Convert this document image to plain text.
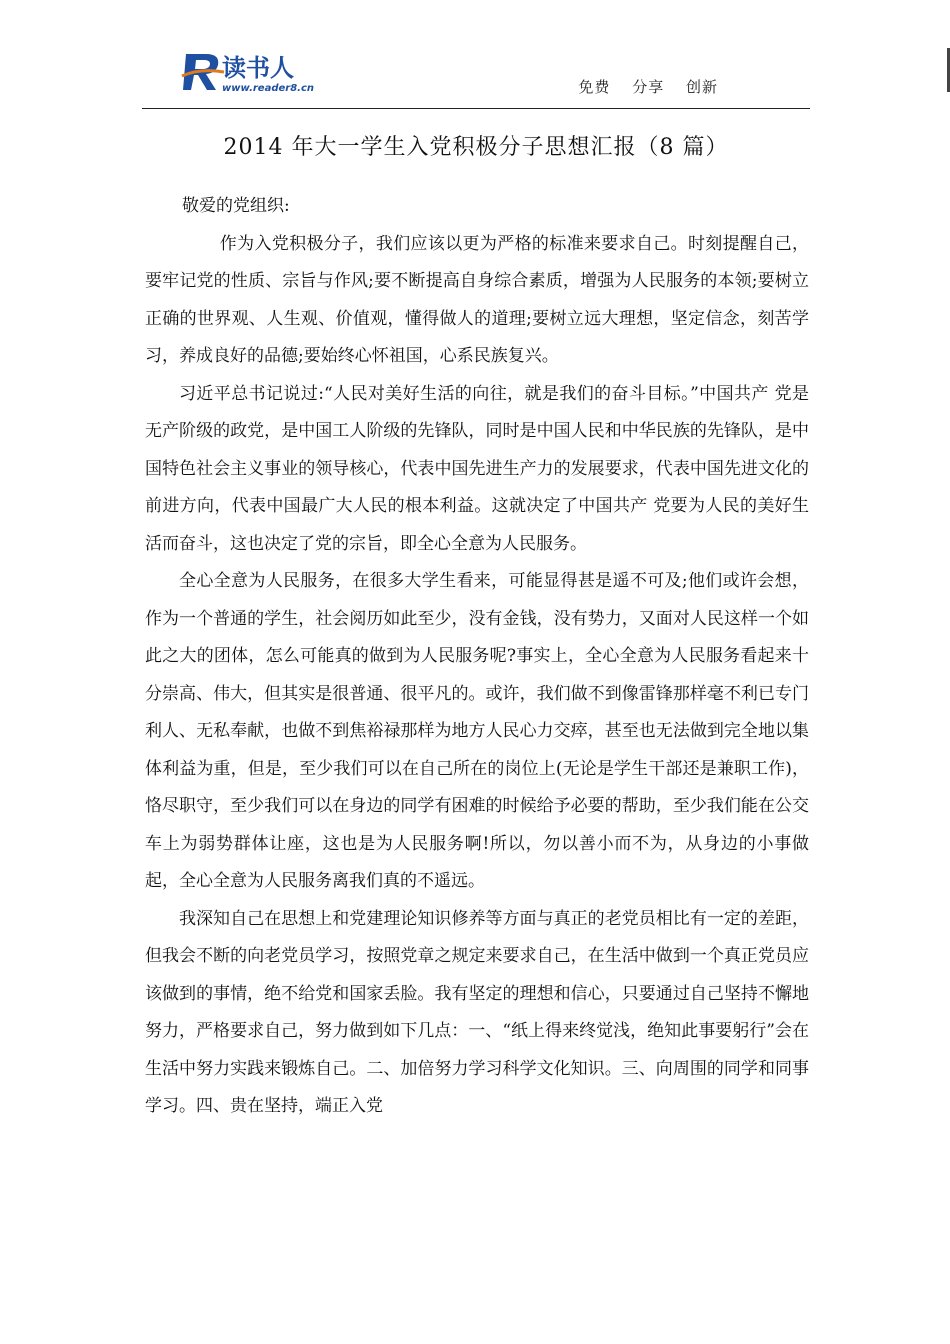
读书人
www.reader8.cn	免费 分享 创新
2014 年大一学生入党积极分子思想汇报（8 篇）

敬爱的党组织:

作为入党积极分子，我们应该以更为严格的标准来要求自己。时刻提醒自己，要牢记党的性质、宗旨与作风;要不断提高自身综合素质，增强为人民服务的本领;要树立正确的世界观、人生观、价值观，懂得做人的道理;要树立远大理想，坚定信念，刻苦学习，养成良好的品德;要始终心怀祖国，心系民族复兴。

习近平总书记说过:“人民对美好生活的向往，就是我们的奋斗目标。”中国共产 党是无产阶级的政党，是中国工人阶级的先锋队，同时是中国人民和中华民族的先锋队，是中国特色社会主义事业的领导核心，代表中国先进生产力的发展要求，代表中国先进文化的前进方向，代表中国最广大人民的根本利益。这就决定了中国共产 党要为人民的美好生活而奋斗，这也决定了党的宗旨，即全心全意为人民服务。

全心全意为人民服务，在很多大学生看来，可能显得甚是遥不可及;他们或许会想，作为一个普通的学生，社会阅历如此至少，没有金钱，没有势力，又面对人民这样一个如此之大的团体，怎么可能真的做到为人民服务呢?事实上，全心全意为人民服务看起来十分崇高、伟大，但其实是很普通、很平凡的。或许，我们做不到像雷锋那样毫不利已专门利人、无私奉献，也做不到焦裕禄那样为地方人民心力交瘁，甚至也无法做到完全地以集体利益为重，但是，至少我们可以在自己所在的岗位上(无论是学生干部还是兼职工作)，恪尽职守，至少我们可以在身边的同学有困难的时候给予必要的帮助，至少我们能在公交车上为弱势群体让座，这也是为人民服务啊!所以，勿以善小而不为，从身边的小事做起，全心全意为人民服务离我们真的不遥远。

我深知自己在思想上和党建理论知识修养等方面与真正的老党员相比有一定的差距，但我会不断的向老党员学习，按照党章之规定来要求自己，在生活中做到一个真正党员应该做到的事情，绝不给党和国家丢脸。我有坚定的理想和信心，只要通过自己坚持不懈地努力，严格要求自己，努力做到如下几点：一、“纸上得来终觉浅，绝知此事要躬行”会在生活中努力实践来锻炼自己。二、加倍努力学习科学文化知识。三、向周围的同学和同事学习。四、贵在坚持，端正入党
